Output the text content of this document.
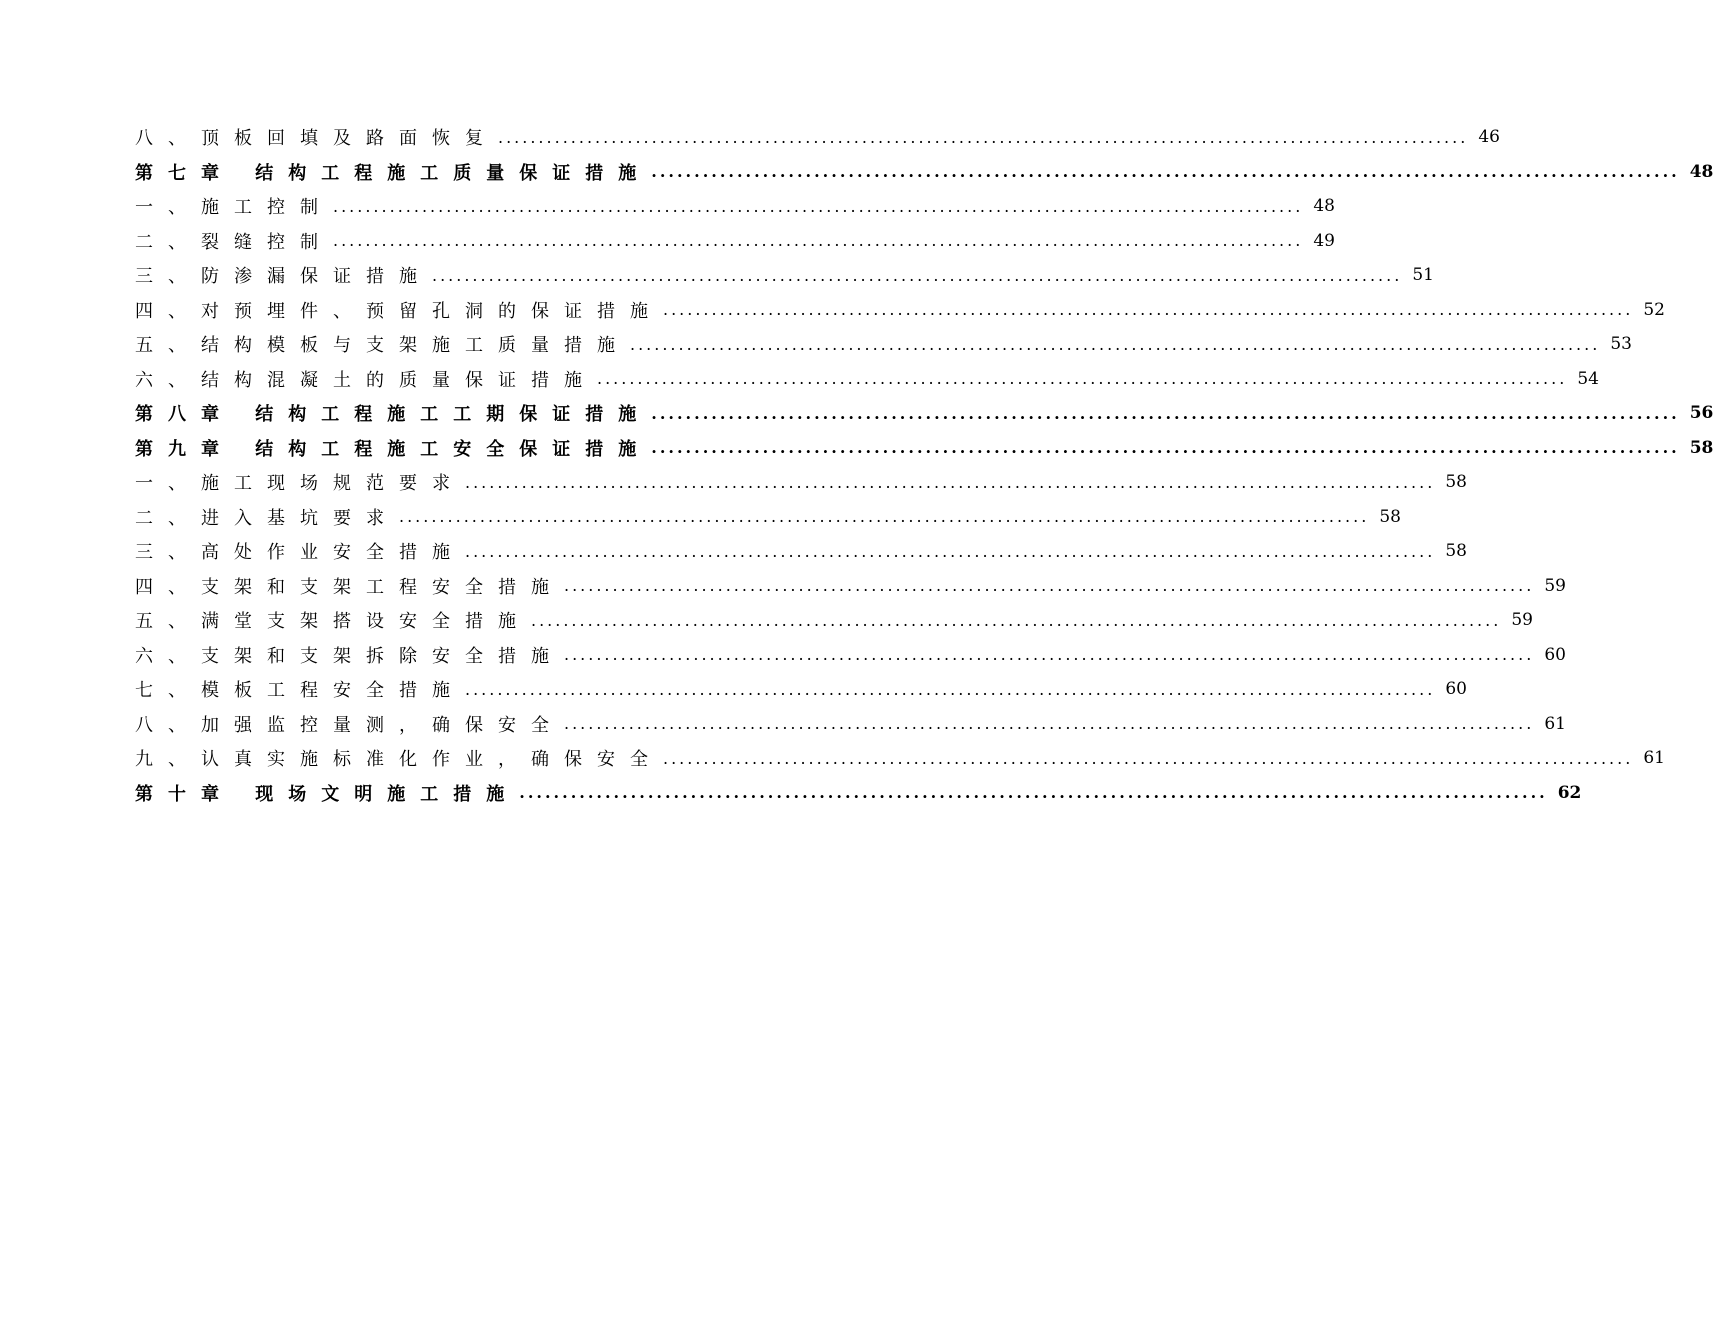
八、顶板回填及路面恢复 ........................................................................................................................ 46
第七章 结构工程施工质量保证措施 ........................................................................................................................ 48
一、施工控制 ........................................................................................................................ 48
二、裂缝控制 ........................................................................................................................ 49
三、防渗漏保证措施 ........................................................................................................................ 51
四、对预埋件、预留孔洞的保证措施 ........................................................................................................................ 52
五、结构模板与支架施工质量措施 ........................................................................................................................ 53
六、结构混凝土的质量保证措施 ........................................................................................................................ 54
第八章 结构工程施工工期保证措施 ........................................................................................................................ 56
第九章 结构工程施工安全保证措施 ........................................................................................................................ 58
一、施工现场规范要求 ........................................................................................................................ 58
二、进入基坑要求 ........................................................................................................................ 58
三、高处作业安全措施 ........................................................................................................................ 58
四、支架和支架工程安全措施 ........................................................................................................................ 59
五、满堂支架搭设安全措施 ........................................................................................................................ 59
六、支架和支架拆除安全措施 ........................................................................................................................ 60
七、模板工程安全措施 ........................................................................................................................ 60
八、加强监控量测，确保安全 ........................................................................................................................ 61
九、认真实施标准化作业，确保安全 ........................................................................................................................ 61
第十章 现场文明施工措施 ........................................................................................................................ 62
